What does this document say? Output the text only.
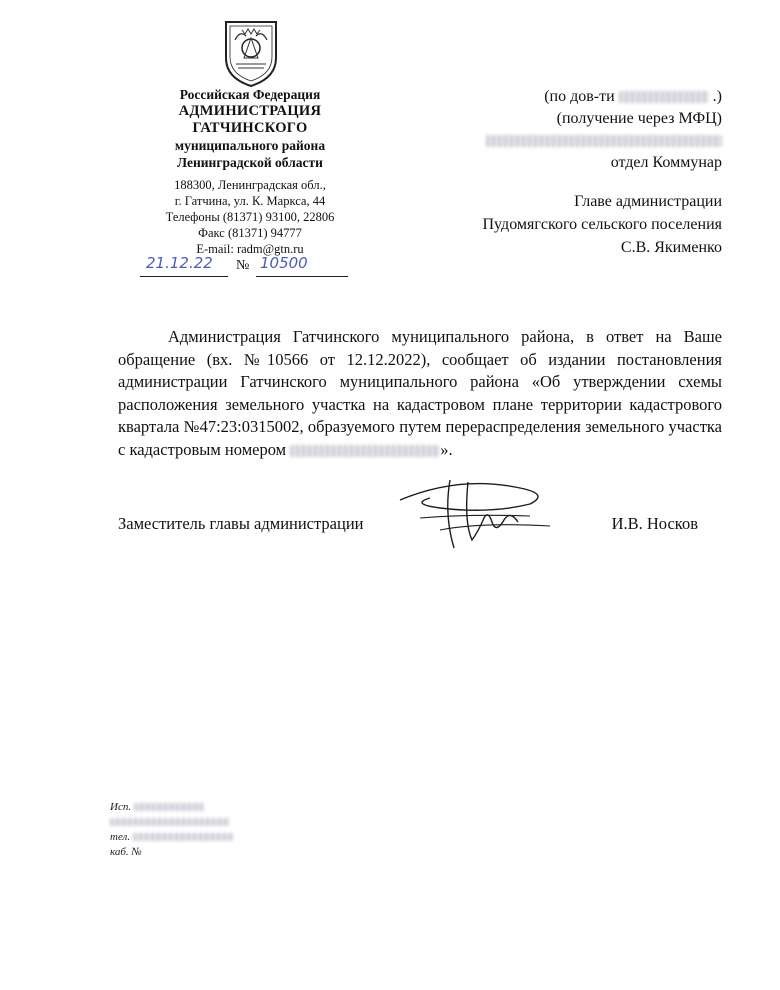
Российская Федерация
АДМИНИСТРАЦИЯ
ГАТЧИНСКОГО
муниципального района
Ленинградской области
188300, Ленинградская обл.,
г. Гатчина, ул. К. Маркса, 44
Телефоны (81371) 93100, 22806
Факс (81371) 94777
E-mail: radm@gtn.ru
21.12.22 № 10500
(по дов-ти	.)
(получение через МФЦ)
отдел Коммунар
Главе администрации
Пудомягского сельского поселения
С.В. Якименко
Администрация Гатчинского муниципального района, в ответ на Ваше обращение (вх. №10566 от 12.12.2022), сообщает об издании постановления администрации Гатчинского муниципального района «Об утверждении схемы расположения земельного участка на кадастровом плане территории кадастрового квартала №47:23:0315002, образуемого путем перераспределения земельного участка с кадастровым номером	».
Заместитель главы администрации	И.В. Носков
Исп.
тел.
каб. №
